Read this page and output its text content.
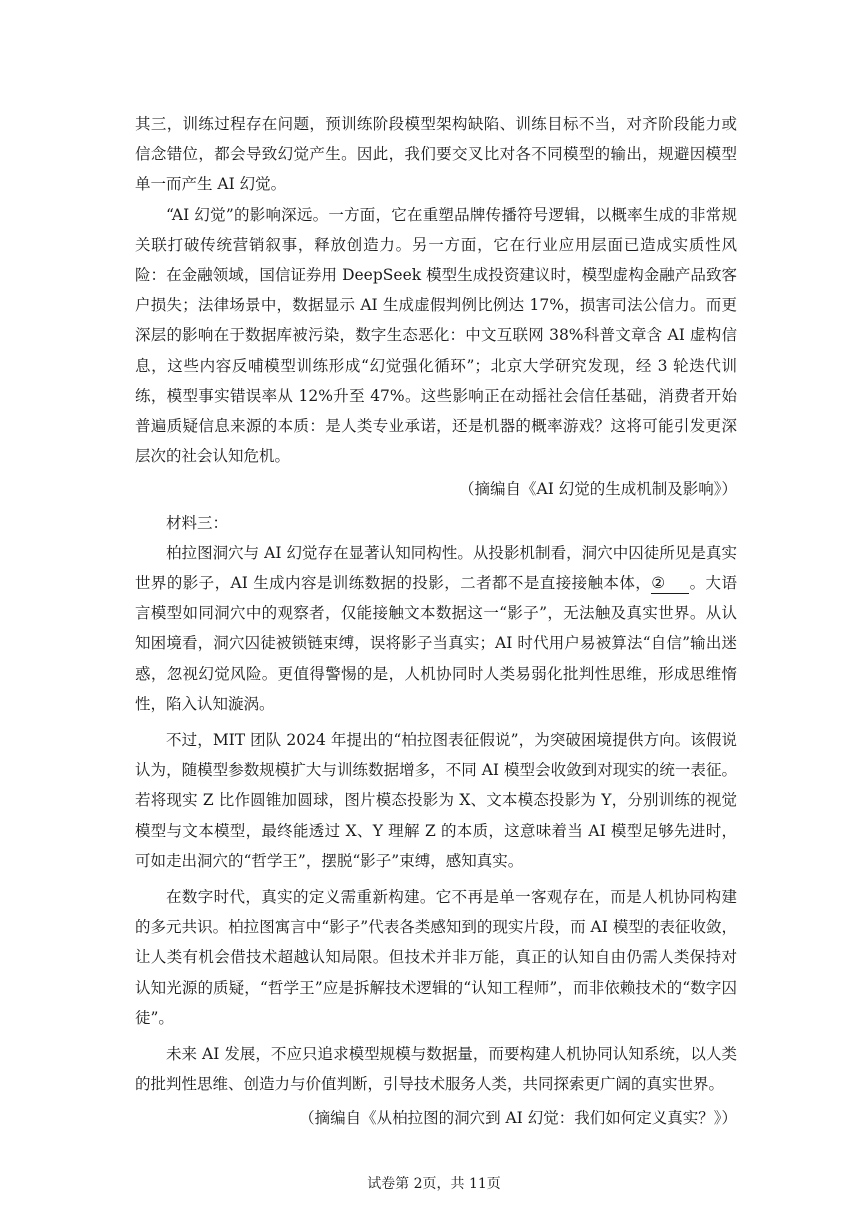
其三，训练过程存在问题，预训练阶段模型架构缺陷、训练目标不当，对齐阶段能力或信念错位，都会导致幻觉产生。因此，我们要交叉比对各不同模型的输出，规避因模型单一而产生 AI 幻觉。

“AI 幻觉”的影响深远。一方面，它在重塑品牌传播符号逻辑，以概率生成的非常规关联打破传统营销叙事，释放创造力。另一方面，它在行业应用层面已造成实质性风险：在金融领域，国信证券用 DeepSeek 模型生成投资建议时，模型虚构金融产品致客户损失；法律场景中，数据显示 AI 生成虚假判例比例达 17%，损害司法公信力。而更深层的影响在于数据库被污染，数字生态恶化：中文互联网 38%科普文章含 AI 虚构信息，这些内容反哺模型训练形成“幻觉强化循环”；北京大学研究发现，经 3 轮迭代训练，模型事实错误率从 12%升至 47%。这些影响正在动摇社会信任基础，消费者开始普遍质疑信息来源的本质：是人类专业承诺，还是机器的概率游戏？这将可能引发更深层次的社会认知危机。

（摘编自《AI 幻觉的生成机制及影响》）

材料三：

柏拉图洞穴与 AI 幻觉存在显著认知同构性。从投影机制看，洞穴中囚徒所见是真实世界的影子，AI 生成内容是训练数据的投影，二者都不是直接接触本体，② 。大语言模型如同洞穴中的观察者，仅能接触文本数据这一“影子”，无法触及真实世界。从认知困境看，洞穴囚徒被锁链束缚，误将影子当真实；AI 时代用户易被算法“自信”输出迷惑，忽视幻觉风险。更值得警惕的是，人机协同时人类易弱化批判性思维，形成思维惰性，陷入认知漩涡。

不过，MIT 团队 2024 年提出的“柏拉图表征假说”，为突破困境提供方向。该假说认为，随模型参数规模扩大与训练数据增多，不同 AI 模型会收敛到对现实的统一表征。若将现实 Z 比作圆锥加圆球，图片模态投影为 X、文本模态投影为 Y，分别训练的视觉模型与文本模型，最终能透过 X、Y 理解 Z 的本质，这意味着当 AI 模型足够先进时，可如走出洞穴的“哲学王”，摆脱“影子”束缚，感知真实。

在数字时代，真实的定义需重新构建。它不再是单一客观存在，而是人机协同构建的多元共识。柏拉图寓言中“影子”代表各类感知到的现实片段，而 AI 模型的表征收敛，让人类有机会借技术超越认知局限。但技术并非万能，真正的认知自由仍需人类保持对认知光源的质疑，“哲学王”应是拆解技术逻辑的“认知工程师”，而非依赖技术的“数字囚徒”。

未来 AI 发展，不应只追求模型规模与数据量，而要构建人机协同认知系统，以人类的批判性思维、创造力与价值判断，引导技术服务人类，共同探索更广阔的真实世界。

（摘编自《从柏拉图的洞穴到 AI 幻觉：我们如何定义真实？》）

试卷第 2页，共 11页
